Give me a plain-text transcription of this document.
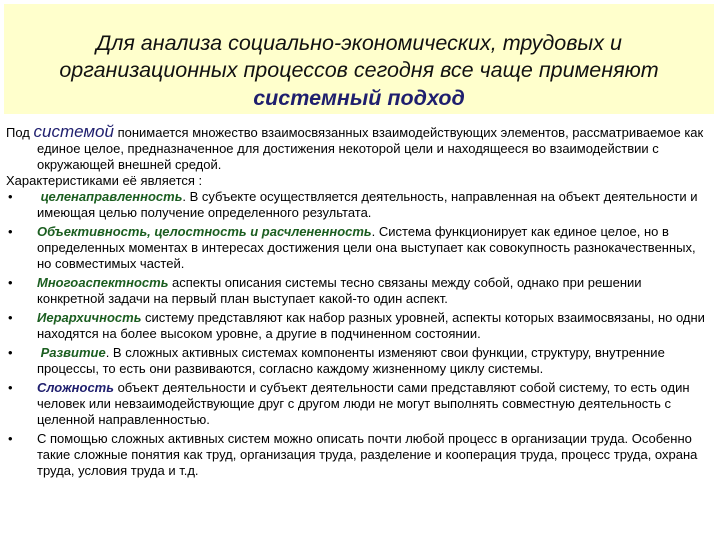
Для анализа социально-экономических, трудовых и
организационных процессов сегодня все чаще применяют
системный подход

Под системой понимается множество взаимосвязанных взаимодействующих элементов, рассматриваемое как единое целое, предназначенное для достижения некоторой цели и находящееся во взаимодействии с окружающей внешней средой.

Характеристиками её является :

• целенаправленность. В субъекте осуществляется деятельность, направленная на объект деятельности и имеющая целью получение определенного результата.
• Объективность, целостность и расчлененность. Система функционирует как единое целое, но в определенных моментах в интересах достижения цели она выступает как совокупность разнокачественных, но совместимых частей.
• Многоаспектность аспекты описания системы тесно связаны между собой, однако при решении конкретной задачи на первый план выступает какой-то один аспект.
• Иерархичность систему представляют как набор разных уровней, аспекты которых взаимосвязаны, но одни находятся на более высоком уровне, а другие в подчиненном состоянии.
• Развитие. В сложных активных системах компоненты изменяют свои функции, структуру, внутренние процессы, то есть они развиваются, согласно каждому жизненному циклу системы.
• Сложность объект деятельности и субъект деятельности сами представляют собой систему, то есть один человек или невзаимодействующие друг с другом люди не могут выполнять совместную деятельность с целенной направленностью.
• С помощью сложных активных систем можно описать почти любой процесс в организации труда. Особенно такие сложные понятия как труд, организация труда, разделение и кооперация труда, процесс труда, охрана труда, условия труда и т.д.
